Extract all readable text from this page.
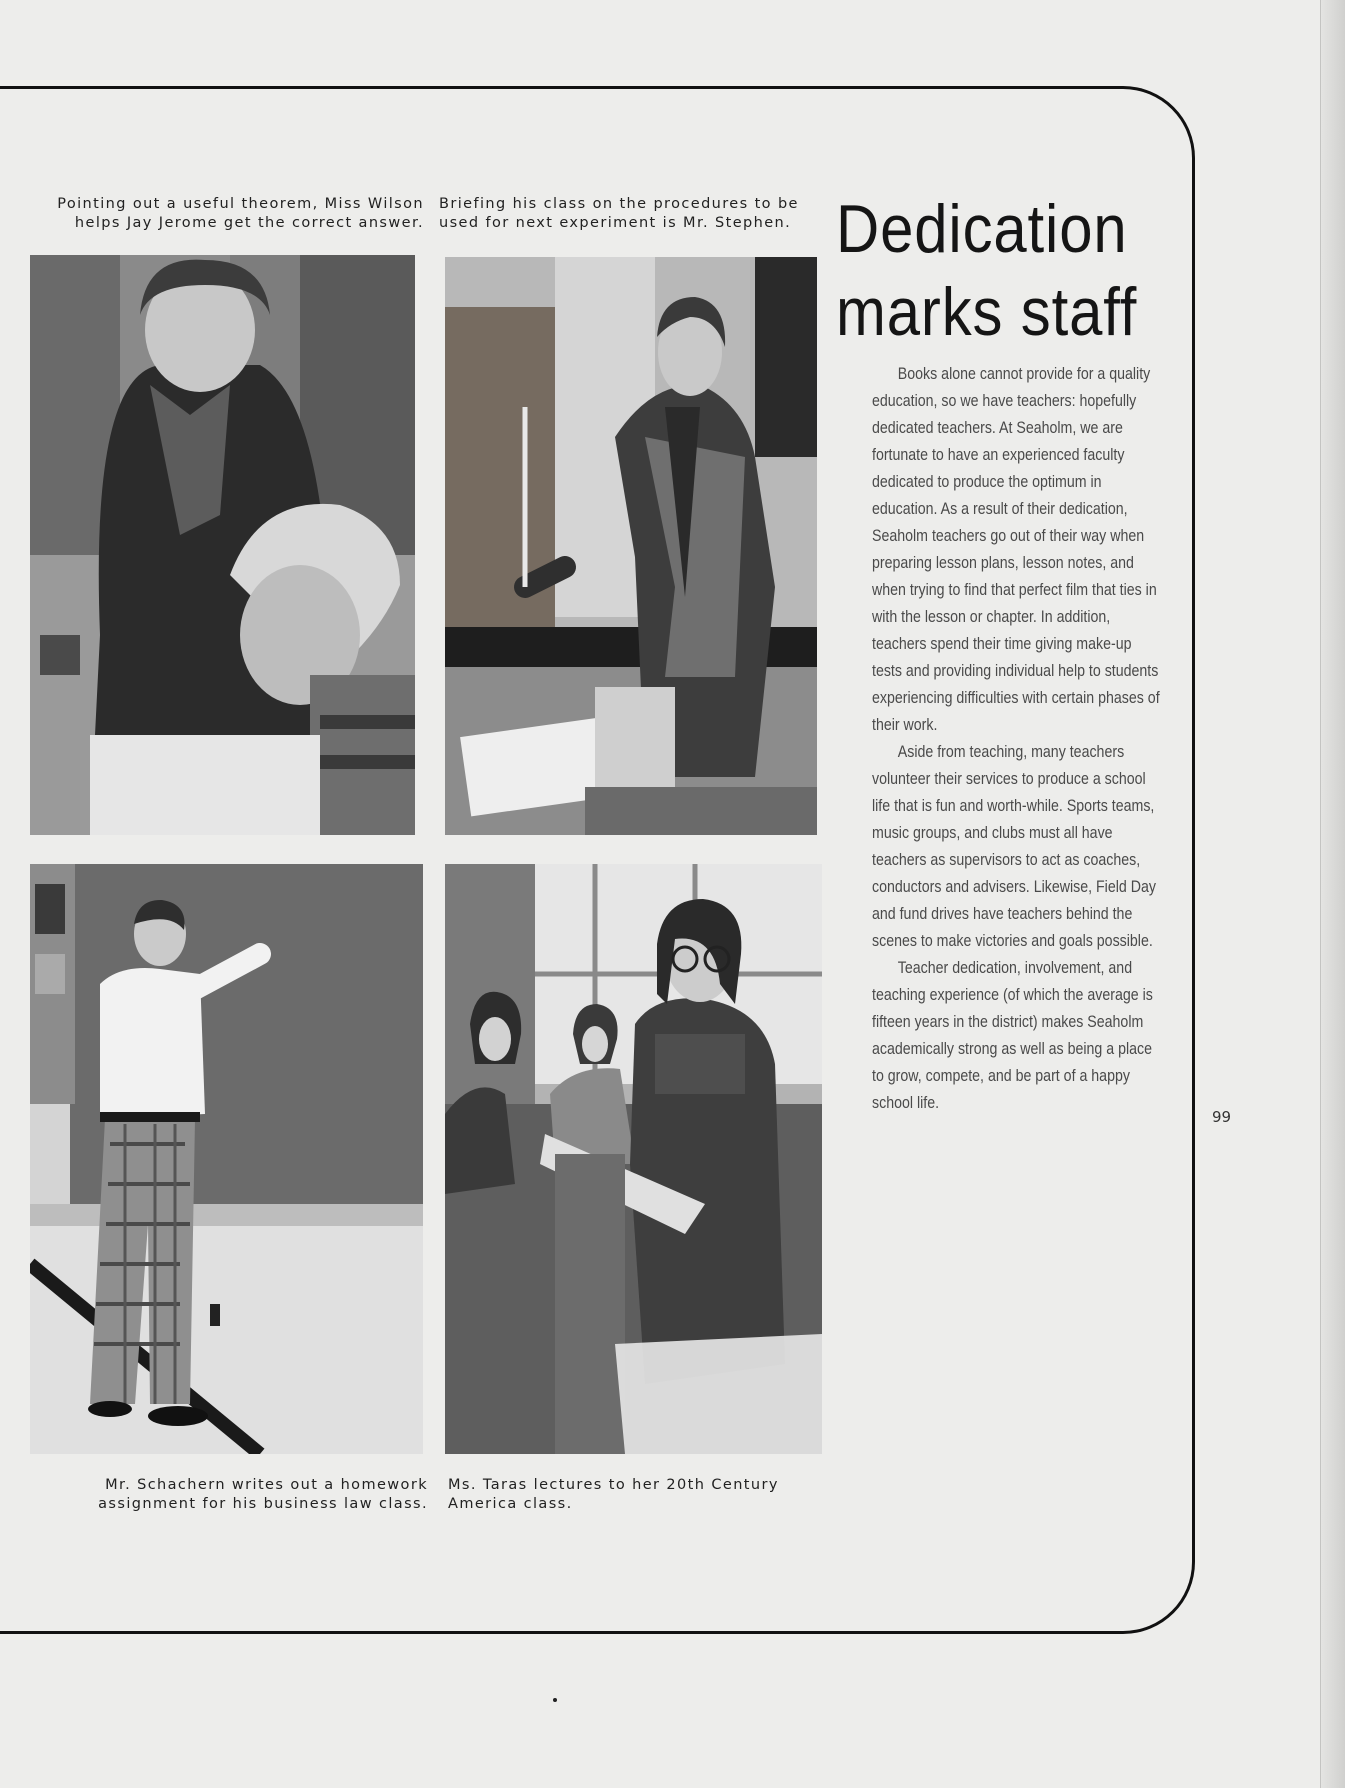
Pointing out a useful theorem, Miss Wilson helps Jay Jerome get the correct answer.
Briefing his class on the procedures to be used for next experiment is Mr. Stephen.
Mr. Schachern writes out a homework assignment for his business law class.
Ms. Taras lectures to her 20th Century America class.
Dedication
marks staff

Books alone cannot provide for a quality education, so we have teachers: hopefully dedicated teachers. At Seaholm, we are fortunate to have an experienced faculty dedicated to produce the optimum in education. As a result of their dedication, Seaholm teachers go out of their way when preparing lesson plans, lesson notes, and when trying to find that perfect film that ties in with the lesson or chapter. In addition, teachers spend their time giving make-up tests and providing individual help to students experiencing difficulties with certain phases of their work.

Aside from teaching, many teachers volunteer their services to produce a school life that is fun and worth-while. Sports teams, music groups, and clubs must all have teachers as supervisors to act as coaches, conductors and advisers. Likewise, Field Day and fund drives have teachers behind the scenes to make victories and goals possible.

Teacher dedication, involvement, and teaching experience (of which the average is fifteen years in the district) makes Seaholm academically strong as well as being a place to grow, compete, and be part of a happy school life.

99
